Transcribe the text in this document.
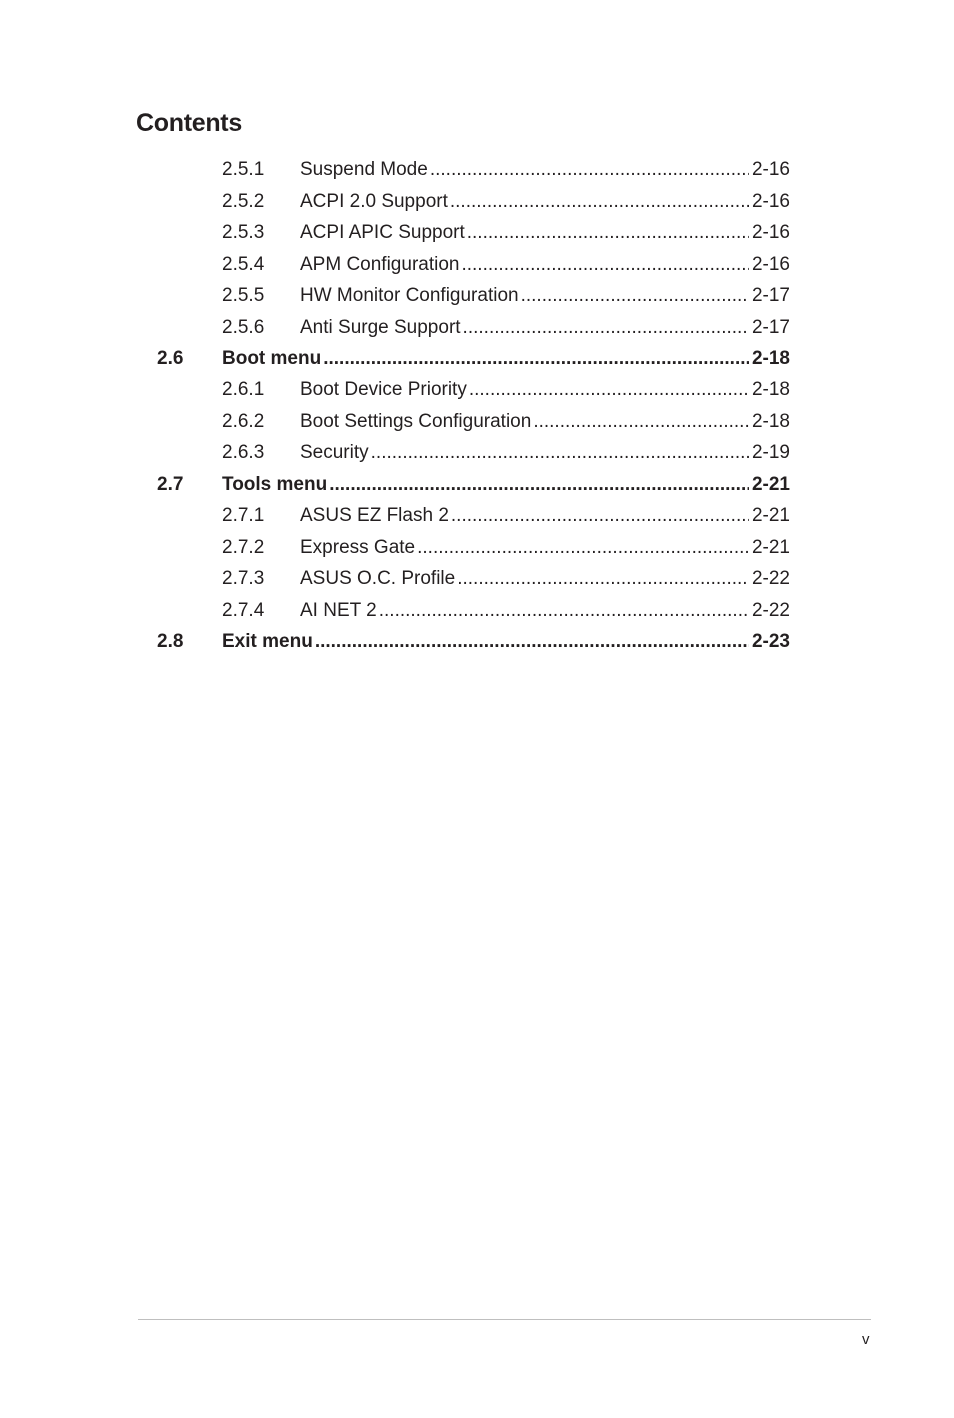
Contents
2.5.1 Suspend Mode .....	2-16
2.5.2 ACPI 2.0 Support .....	2-16
2.5.3 ACPI APIC Support .....	2-16
2.5.4 APM Configuration .....	2-16
2.5.5 HW Monitor Configuration .....	2-17
2.5.6 Anti Surge Support .....	2-17
2.6 Boot menu .....	2-18
2.6.1 Boot Device Priority .....	2-18
2.6.2 Boot Settings Configuration .....	2-18
2.6.3 Security .....	2-19
2.7 Tools menu .....	2-21
2.7.1 ASUS EZ Flash 2 .....	2-21
2.7.2 Express Gate .....	2-21
2.7.3 ASUS O.C. Profile .....	2-22
2.7.4 AI NET 2 .....	2-22
2.8 Exit menu .....	2-23
v
